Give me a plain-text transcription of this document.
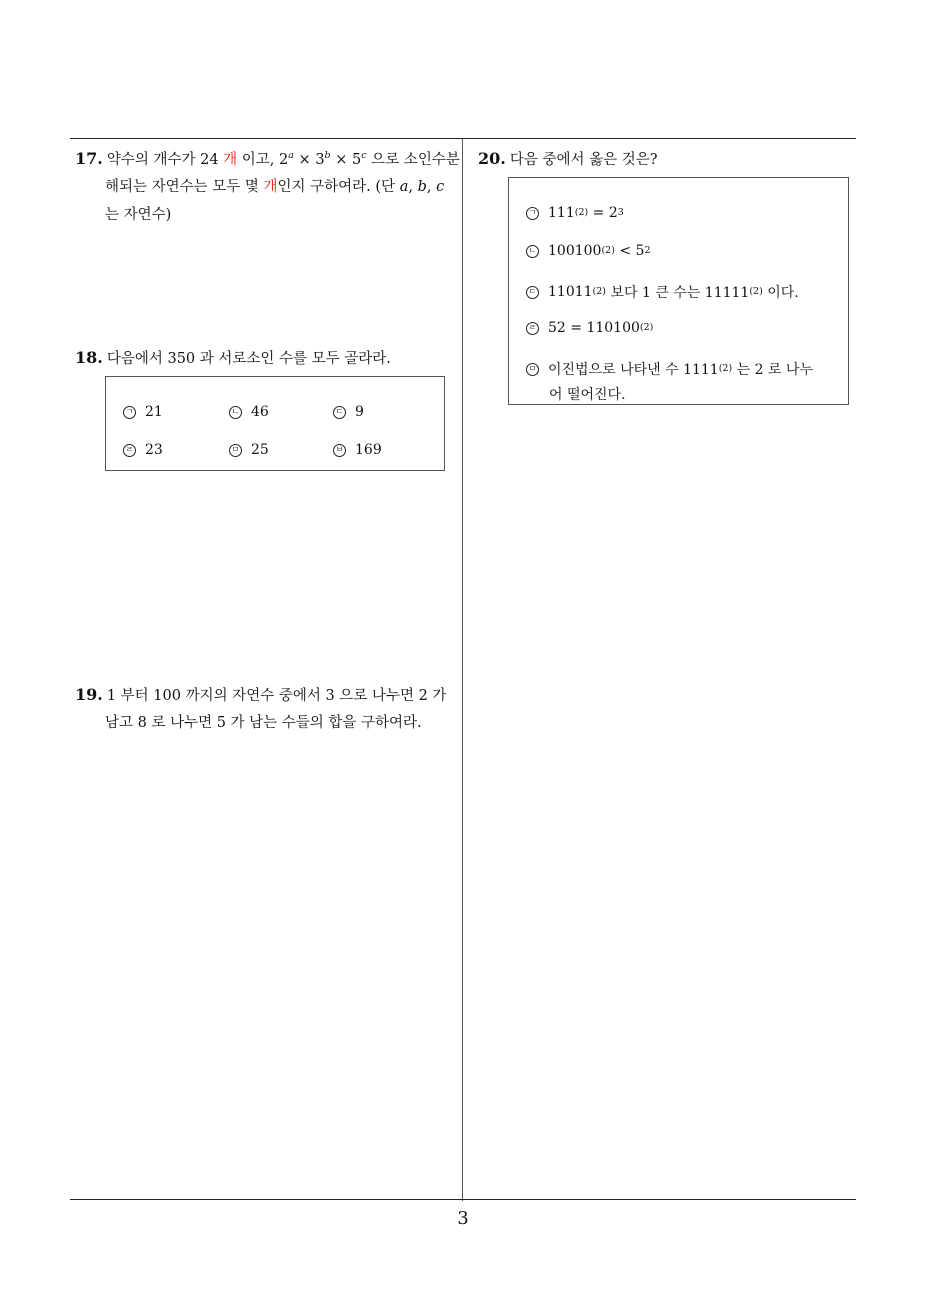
17. 약수의 개수가 24 개 이고, $2^a \times 3^b \times 5^c$ 으로 소인수분
해되는 자연수는 모두 몇 개인지 구하여라. (단 a, b, c
는 자연수)
18. 다음에서 350 과 서로소인 수를 모두 골라라.
ㄱ 21	ㄴ 46	ㄷ 9
ㄹ 23	ㅁ 25	ㅂ 169
19. 1 부터 100 까지의 자연수 중에서 3 으로 나누면 2 가
남고 8 로 나누면 5 가 남는 수들의 합을 구하여라.
20. 다음 중에서 옳은 것은?
ㄱ 111 (2) = 2 3
ㄴ 100100 (2) < 5 2
ㄷ 11011 (2) 보다 1 큰 수는 11111 (2) 이다.
ㄹ 52 = 110100 (2)
ㅁ 이진법으로 나타낸 수 1111 (2) 는 2 로 나누
어 떨어진다.
3
